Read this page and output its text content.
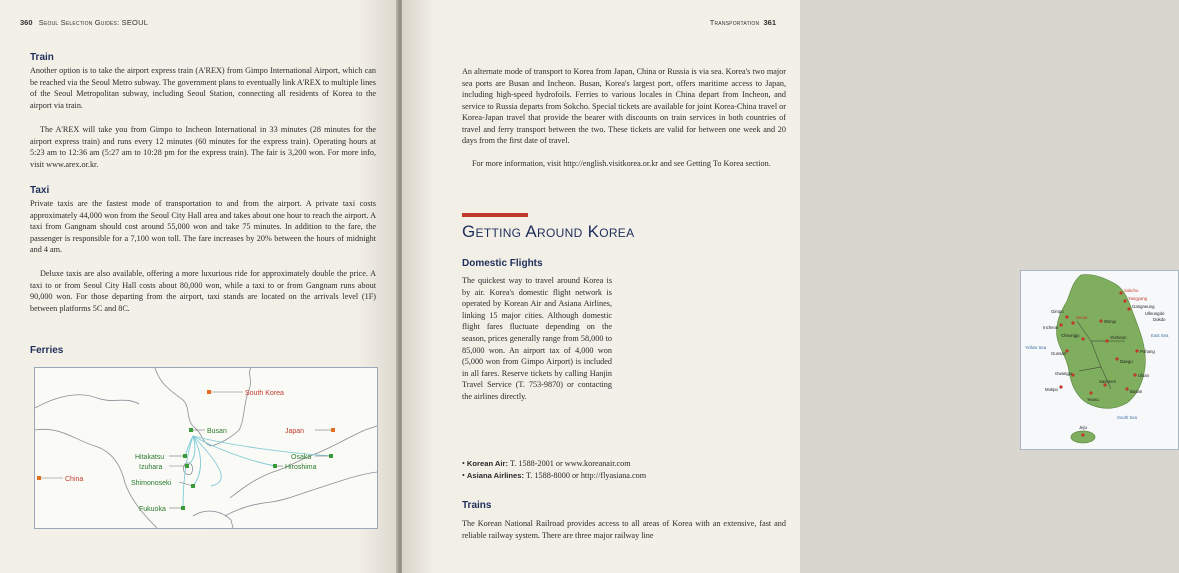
360 Seoul Selection Guides: SEOUL
Train

Another option is to take the airport express train (A'REX) from Gimpo International Airport, which can be reached via the Seoul Metro subway. The government plans to eventually link A'REX to multiple lines of the Seoul Metropolitan subway, including Seoul Station, connecting all residents of Korea to the airport via train.

The A'REX will take you from Gimpo to Incheon International in 33 minutes (28 minutes for the airport express train) and runs every 12 minutes (60 minutes for the express train). Operating hours at 5:23 am to 12:36 am (5:27 am to 10:28 pm for the express train). The fair is 3,200 won. For more info, visit www.arex.or.kr.

Taxi

Private taxis are the fastest mode of transportation to and from the airport. A private taxi costs approximately 44,000 won from the Seoul City Hall area and takes about one hour to reach the airport. A taxi from Gangnam should cost around 55,000 won and take 75 minutes. In addition to the fare, the passenger is responsible for a 7,100 won toll. The fare increases by 20% between the hours of midnight and 4 am.

Deluxe taxis are also available, offering a more luxurious ride for approximately double the price. A taxi to or from Seoul City Hall costs about 80,000 won, while a taxi to or from Gangnam runs about 90,000 won. For those departing from the airport, taxi stands are located on the arrivals level (1F) between platforms 5C and 8C.

Ferries
South Korea
Busan	Japan
Hitakatsu
Izuhara
Shimonoseki
Hiroshima
Osaka
China
Fukuoka
Transportation 361

An alternate mode of transport to Korea from Japan, China or Russia is via sea. Korea's two major sea ports are Busan and Incheon. Busan, Korea's largest port, offers maritime access to Japan, including high-speed hydrofoils. Ferries to various locales in China depart from Incheon, and service to Russia departs from Sokcho. Special tickets are available for joint Korea-China travel or Korea-Japan travel that provide the bearer with discounts on train services in both countries of travel and ferry transport between the two. These tickets are valid for between one week and 20 days from the first date of travel.

For more information, visit http://english.visitkorea.or.kr and see Getting To Korea section.

Getting Around Korea
Domestic Flights

The quickest way to travel around Korea is by air. Korea's domestic flight network is operated by Korean Air and Asiana Airlines, linking 15 major cities. Although domestic flight fares fluctuate depending on the season, prices generally range from 58,000 to 85,000 won. An airport tax of 4,000 won (5,000 won from Gimpo Airport) is included in all fares. Reserve tickets by calling Hanjin Travel Service (T. 753-9870) or contacting the airlines directly.

Sokcho
Yangyang
Gangneung
Ulleungdo
Dokdo
Gimpo
Seoul
Incheon
Wonju
Cheongju	Yecheon
Gunsan
Daegu
Pohang
Gwangju	Ulsan
Busan
Yeosu
Sacheon
Mokpo
Jeju
Yellow Sea
East Sea
South Sea
• Korean Air: T. 1588-2001 or www.koreanair.com
• Asiana Airlines: T. 1588-8000 or http://flyasiana.com
Trains

The Korean National Railroad provides access to all areas of Korea with an extensive, fast and reliable railway system. There are three major railway line
